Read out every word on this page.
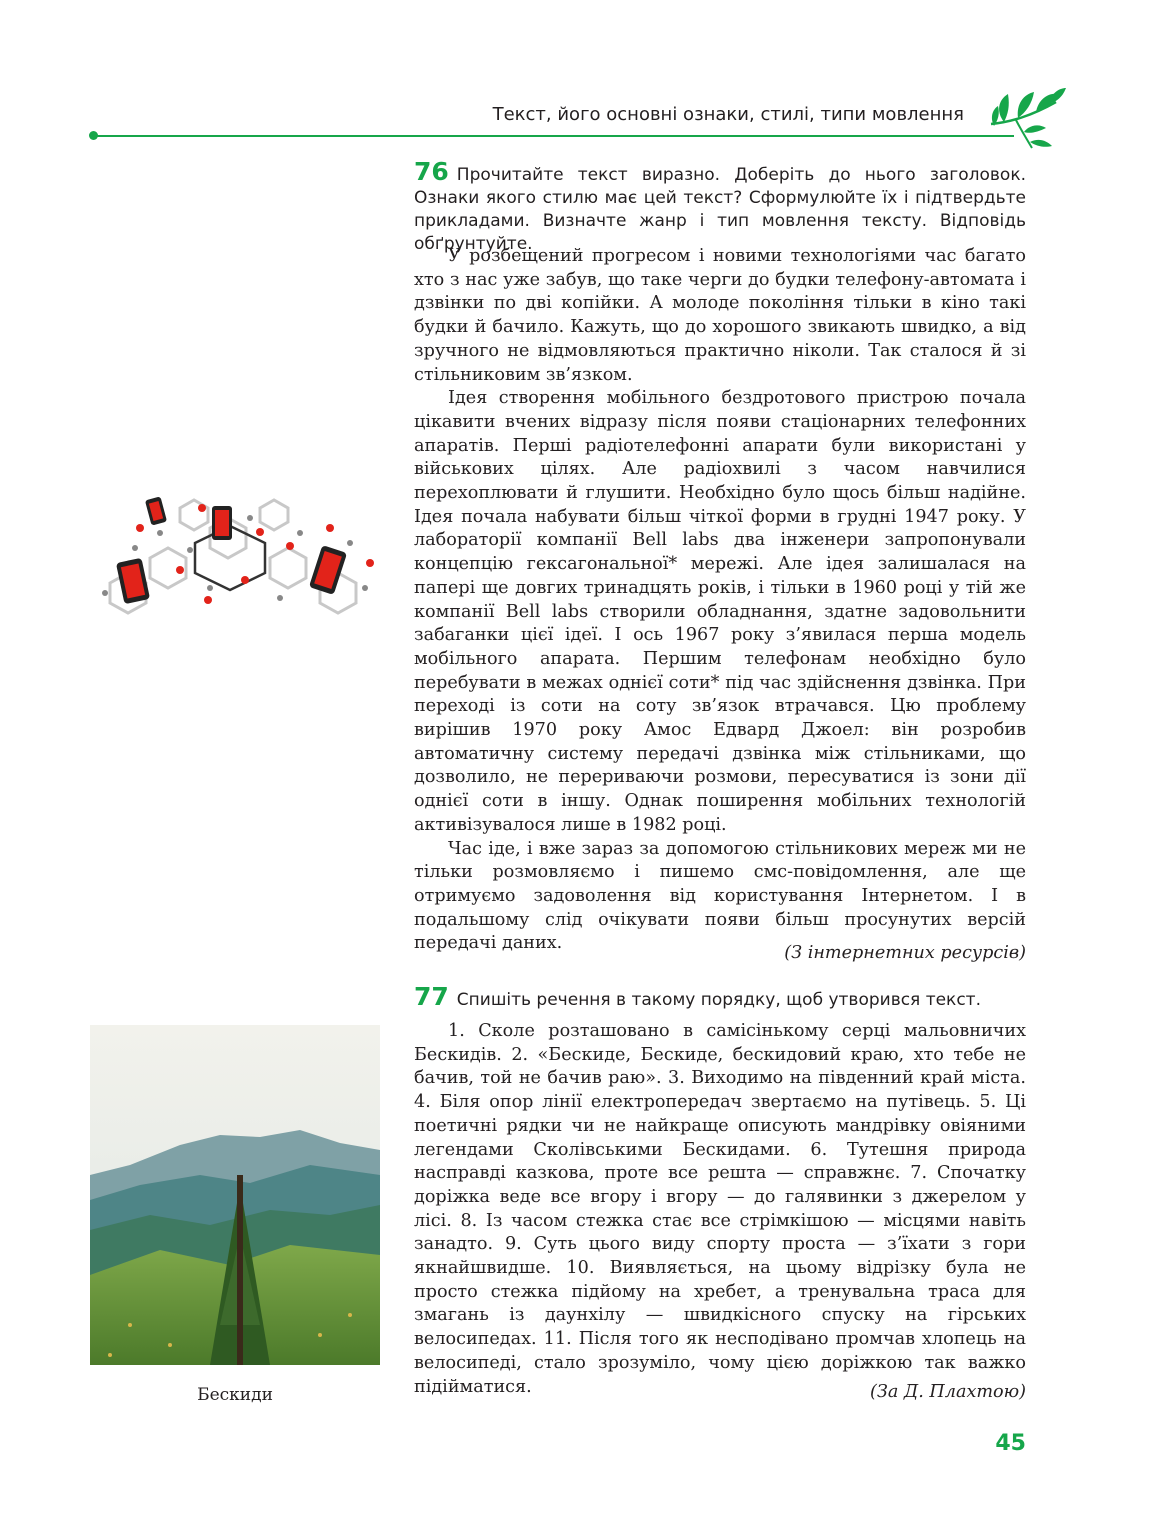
Текст, його основні ознаки, стилі, типи мовлення
76 Прочитайте текст виразно. Доберіть до нього заголовок. Ознаки якого стилю має цей текст? Сформулюйте їх і підтвердьте прикладами. Визначте жанр і тип мовлення тексту. Відповідь обґрунтуйте.

У розбещений прогресом і новими технологіями час багато хто з нас уже забув, що таке черги до будки телефону-автомата і дзвінки по дві копійки. А молоде покоління тільки в кіно такі будки й бачило. Кажуть, що до хорошого звикають швидко, а від зручного не відмовляються практично ніколи. Так сталося й зі стільниковим зв’язком.

Ідея створення мобільного бездротового пристрою почала цікавити вчених відразу після появи стаціонарних телефонних апаратів. Перші радіотелефонні апарати були використані у військових цілях. Але радіохвилі з часом навчилися перехоплювати й глушити. Необхідно було щось більш надійне. Ідея почала набувати більш чіткої форми в грудні 1947 року. У лабораторії компанії Bell labs два інженери запропонували концепцію гексагональної* мережі. Але ідея залишалася на папері ще довгих тринадцять років, і тільки в 1960 році у тій же компанії Bell labs створили обладнання, здатне задовольнити забаганки цієї ідеї. І ось 1967 року з’явилася перша модель мобільного апарата. Першим телефонам необхідно було перебувати в межах однієї соти* під час здійснення дзвінка. При переході із соти на соту зв’язок втрачався. Цю проблему вирішив 1970 року Амос Едвард Джоел: він розробив автоматичну систему передачі дзвінка між стільниками, що дозволило, не перериваючи розмови, пересуватися із зони дії однієї соти в іншу. Однак поширення мобільних технологій активізувалося лише в 1982 році.

Час іде, і вже зараз за допомогою стільникових мереж ми не тільки розмовляємо і пишемо смс-повідомлення, але ще отримуємо задоволення від користування Інтернетом. І в подальшому слід очікувати появи більш просунутих версій передачі даних.	(З інтернетних ресурсів)
77 Спишіть речення в такому порядку, щоб утворився текст.

1. Сколе розташовано в самісінькому серці мальовничих Бескидів. 2. «Бескиде, Бескиде, бескидовий краю, хто тебе не бачив, той не бачив раю». 3. Виходимо на південний край міста. 4. Біля опор лінії електропередач звертаємо на путівець. 5. Ці поетичні рядки чи не найкраще описують мандрівку овіяними легендами Сколівськими Бескидами. 6. Тутешня природа насправді казкова, проте все решта — справжнє. 7. Спочатку доріжка веде все вгору і вгору — до галявинки з джерелом у лісі. 8. Із часом стежка стає все стрімкішою — місцями навіть занадто. 9. Суть цього виду спорту проста — з’їхати з гори якнайшвидше. 10. Виявляється, на цьому відрізку була не просто стежка підйому на хребет, а тренувальна траса для змагань із даунхілу — швидкісного спуску на гірських велосипедах. 11. Після того як несподівано промчав хлопець на велосипеді, стало зрозуміло, чому цією доріжкою так важко підійматися.	(За Д. Плахтою)
Бескиди
45
